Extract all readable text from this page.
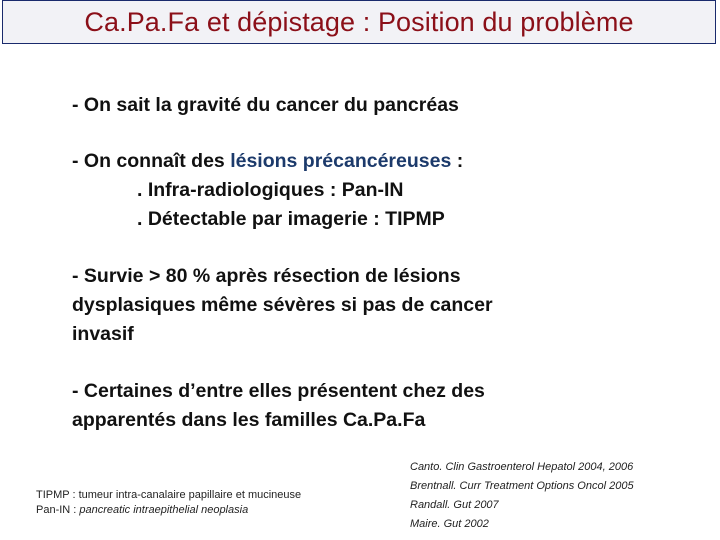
Ca.Pa.Fa et dépistage : Position du problème
- On sait la gravité du cancer du pancréas
- On connaît des lésions précancéreuses :
. Infra-radiologiques : Pan-IN
. Détectable par imagerie : TIPMP
- Survie > 80 % après résection de lésions
dysplasiques même sévères si pas de cancer
invasif
- Certaines d’entre elles présentent chez des
apparentés dans les familles Ca.Pa.Fa
TIPMP : tumeur intra-canalaire papillaire et mucineuse
Pan-IN : pancreatic intraepithelial neoplasia
Canto. Clin Gastroenterol Hepatol 2004, 2006
Brentnall. Curr Treatment Options Oncol 2005
Randall. Gut 2007
Maire. Gut 2002
